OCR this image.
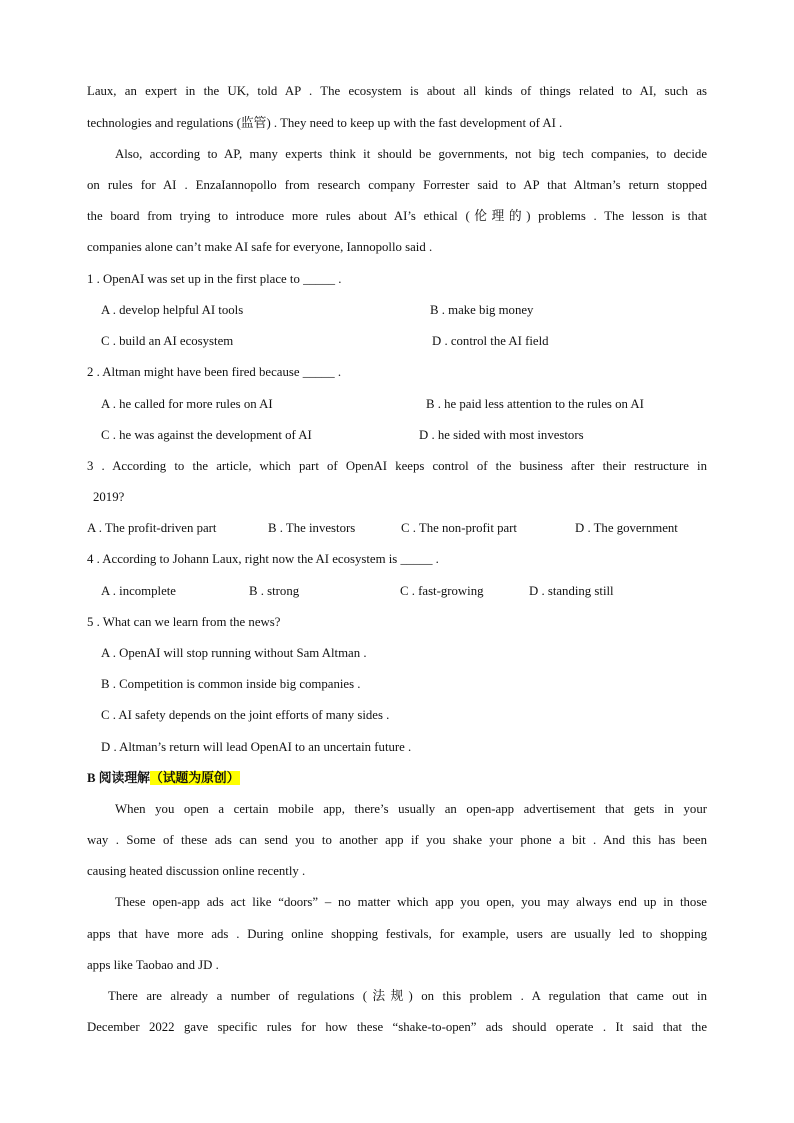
Laux, an expert in the UK, told AP . The ecosystem is about all kinds of things related to AI, such as
technologies and regulations (监管) . They need to keep up with the fast development of AI .
Also, according to AP, many experts think it should be governments, not big tech companies, to decide
on rules for AI . EnzaIannopollo from research company Forrester said to AP that Altman’s return stopped
the board from trying to introduce more rules about AI’s ethical (伦理的) problems . The lesson is that
companies alone can’t make AI safe for everyone, Iannopollo said .
1 . OpenAI was set up in the first place to _____ .
A . develop helpful AI tools	B . make big money
C . build an AI ecosystem	D . control the AI field
2 . Altman might have been fired because _____ .
A . he called for more rules on AI	B . he paid less attention to the rules on AI
C . he was against the development of AI	D . he sided with most investors
3 . According to the article, which part of OpenAI keeps control of the business after their restructure in
2019?
A . The profit-driven part	B . The investors	C . The non-profit part	D . The government
4 . According to Johann Laux, right now the AI ecosystem is _____ .
A . incomplete	B . strong	C . fast-growing	D . standing still
5 . What can we learn from the news?
A . OpenAI will stop running without Sam Altman .
B . Competition is common inside big companies .
C . AI safety depends on the joint efforts of many sides .
D . Altman’s return will lead OpenAI to an uncertain future .
B 阅读理解（试题为原创）
When you open a certain mobile app, there’s usually an open-app advertisement that gets in your
way . Some of these ads can send you to another app if you shake your phone a bit . And this has been
causing heated discussion online recently .
These open-app ads act like “doors” – no matter which app you open, you may always end up in those
apps that have more ads . During online shopping festivals, for example, users are usually led to shopping
apps like Taobao and JD .
There are already a number of regulations (法规) on this problem . A regulation that came out in
December 2022 gave specific rules for how these “shake-to-open” ads should operate . It said that the
